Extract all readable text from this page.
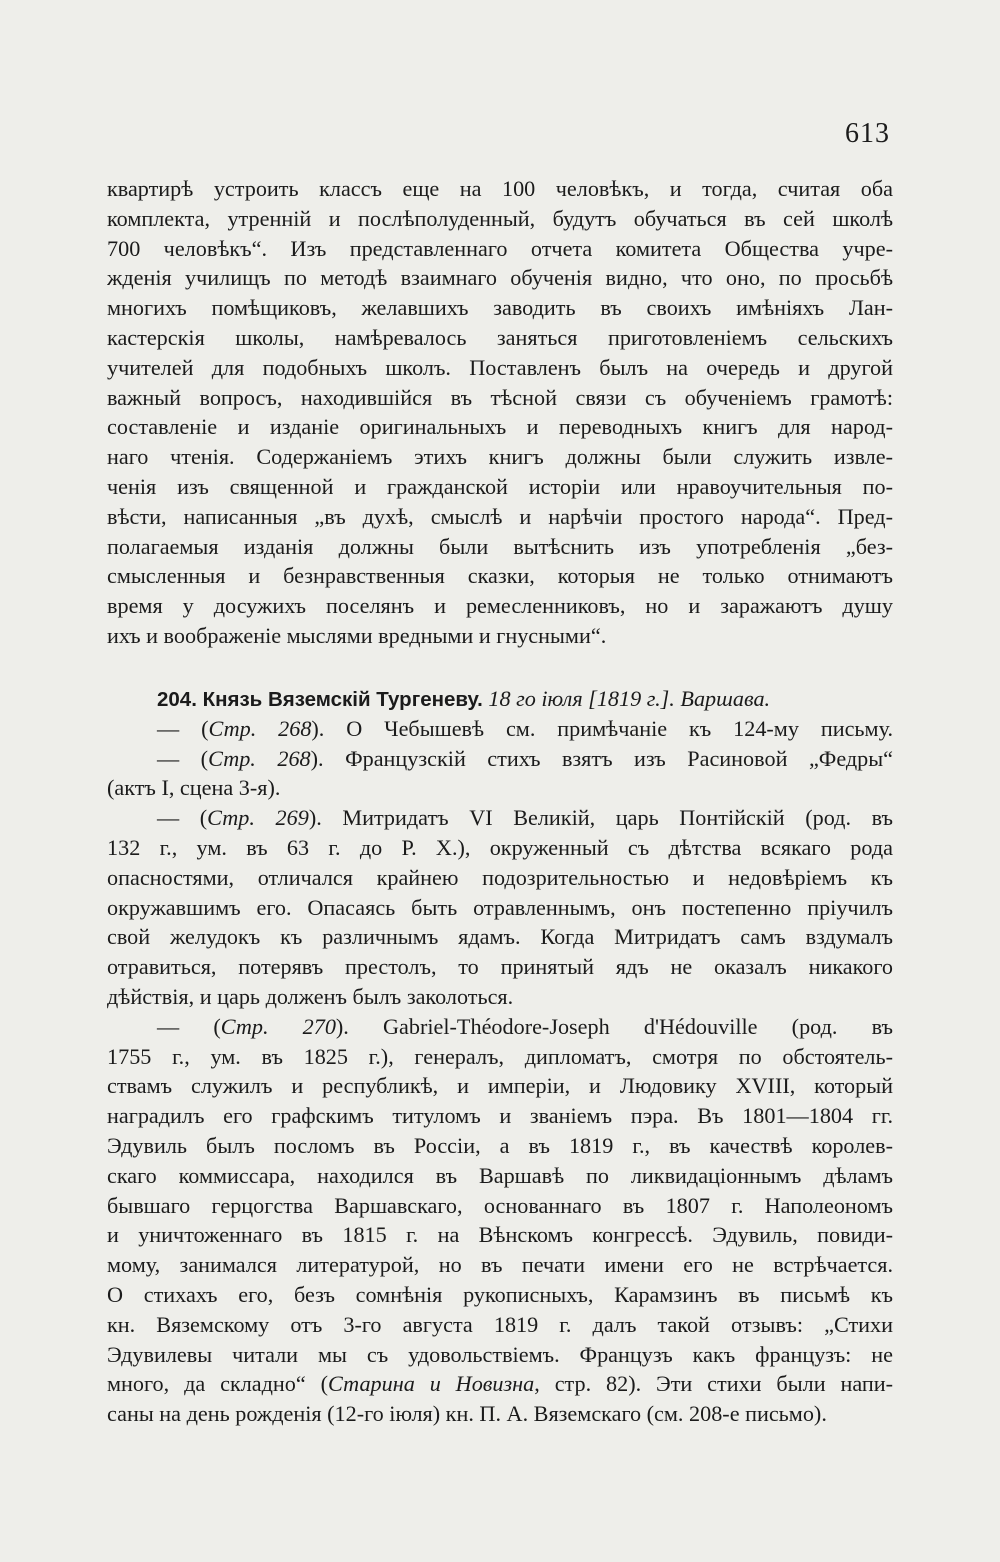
613
квартирѣ устроить классъ еще на 100 человѣкъ, и тогда, считая оба
комплекта, утренній и послѣполуденный, будутъ обучаться въ сей школѣ
700 человѣкъ“. Изъ представленнаго отчета комитета Общества учре-
жденія училищъ по методѣ взаимнаго обученія видно, что оно, по просьбѣ
многихъ помѣщиковъ, желавшихъ заводить въ своихъ имѣніяхъ Лан-
кастерскія школы, намѣревалось заняться приготовленіемъ сельскихъ
учителей для подобныхъ школъ. Поставленъ былъ на очередь и другой
важный вопросъ, находившійся въ тѣсной связи съ обученіемъ грамотѣ:
составленіе и изданіе оригинальныхъ и переводныхъ книгъ для народ-
наго чтенія. Содержаніемъ этихъ книгъ должны были служить извле-
ченія изъ священной и гражданской исторіи или нравоучительныя по-
вѣсти, написанныя „въ духѣ, смыслѣ и нарѣчіи простого народа“. Пред-
полагаемыя изданія должны были вытѣснить изъ употребленія „без-
смысленныя и безнравственныя сказки, которыя не только отнимаютъ
время у досужихъ поселянъ и ремесленниковъ, но и заражаютъ душу
ихъ и воображеніе мыслями вредными и гнусными“.
204. Князь Вяземскій Тургеневу. 18 го іюля [1819 г.]. Варшава.
— (Стр. 268). О Чебышевѣ см. примѣчаніе къ 124-му письму.
— (Стр. 268). Французскій стихъ взятъ изъ Расиновой „Федры“
(актъ I, сцена 3-я).
— (Стр. 269). Митридатъ VI Великій, царь Понтійскій (род. въ
132 г., ум. въ 63 г. до Р. Х.), окруженный съ дѣтства всякаго рода
опасностями, отличался крайнею подозрительностью и недовѣріемъ къ
окружавшимъ его. Опасаясь быть отравленнымъ, онъ постепенно пріучилъ
свой желудокъ къ различнымъ ядамъ. Когда Митридатъ самъ вздумалъ
отравиться, потерявъ престолъ, то принятый ядъ не оказалъ никакого
дѣйствія, и царь долженъ былъ заколоться.
— (Стр. 270). Gabriel-Théodore-Joseph d'Hédouville (род. въ
1755 г., ум. въ 1825 г.), генералъ, дипломатъ, смотря по обстоятель-
ствамъ служилъ и республикѣ, и имперіи, и Людовику XVIII, который
наградилъ его графскимъ титуломъ и званіемъ пэра. Въ 1801—1804 гг.
Эдувиль былъ посломъ въ Россіи, а въ 1819 г., въ качествѣ королев-
скаго коммиссара, находился въ Варшавѣ по ликвидаціоннымъ дѣламъ
бывшаго герцогства Варшавскаго, основаннаго въ 1807 г. Наполеономъ
и уничтоженнаго въ 1815 г. на Вѣнскомъ конгрессѣ. Эдувиль, повиди-
мому, занимался литературой, но въ печати имени его не встрѣчается.
О стихахъ его, безъ сомнѣнія рукописныхъ, Карамзинъ въ письмѣ къ
кн. Вяземскому отъ 3-го августа 1819 г. далъ такой отзывъ: „Стихи
Эдувилевы читали мы съ удовольствіемъ. Французъ какъ французъ: не
много, да складно“ (Старина и Новизна, стр. 82). Эти стихи были напи-
саны на день рожденія (12-го іюля) кн. П. А. Вяземскаго (см. 208-е письмо).
